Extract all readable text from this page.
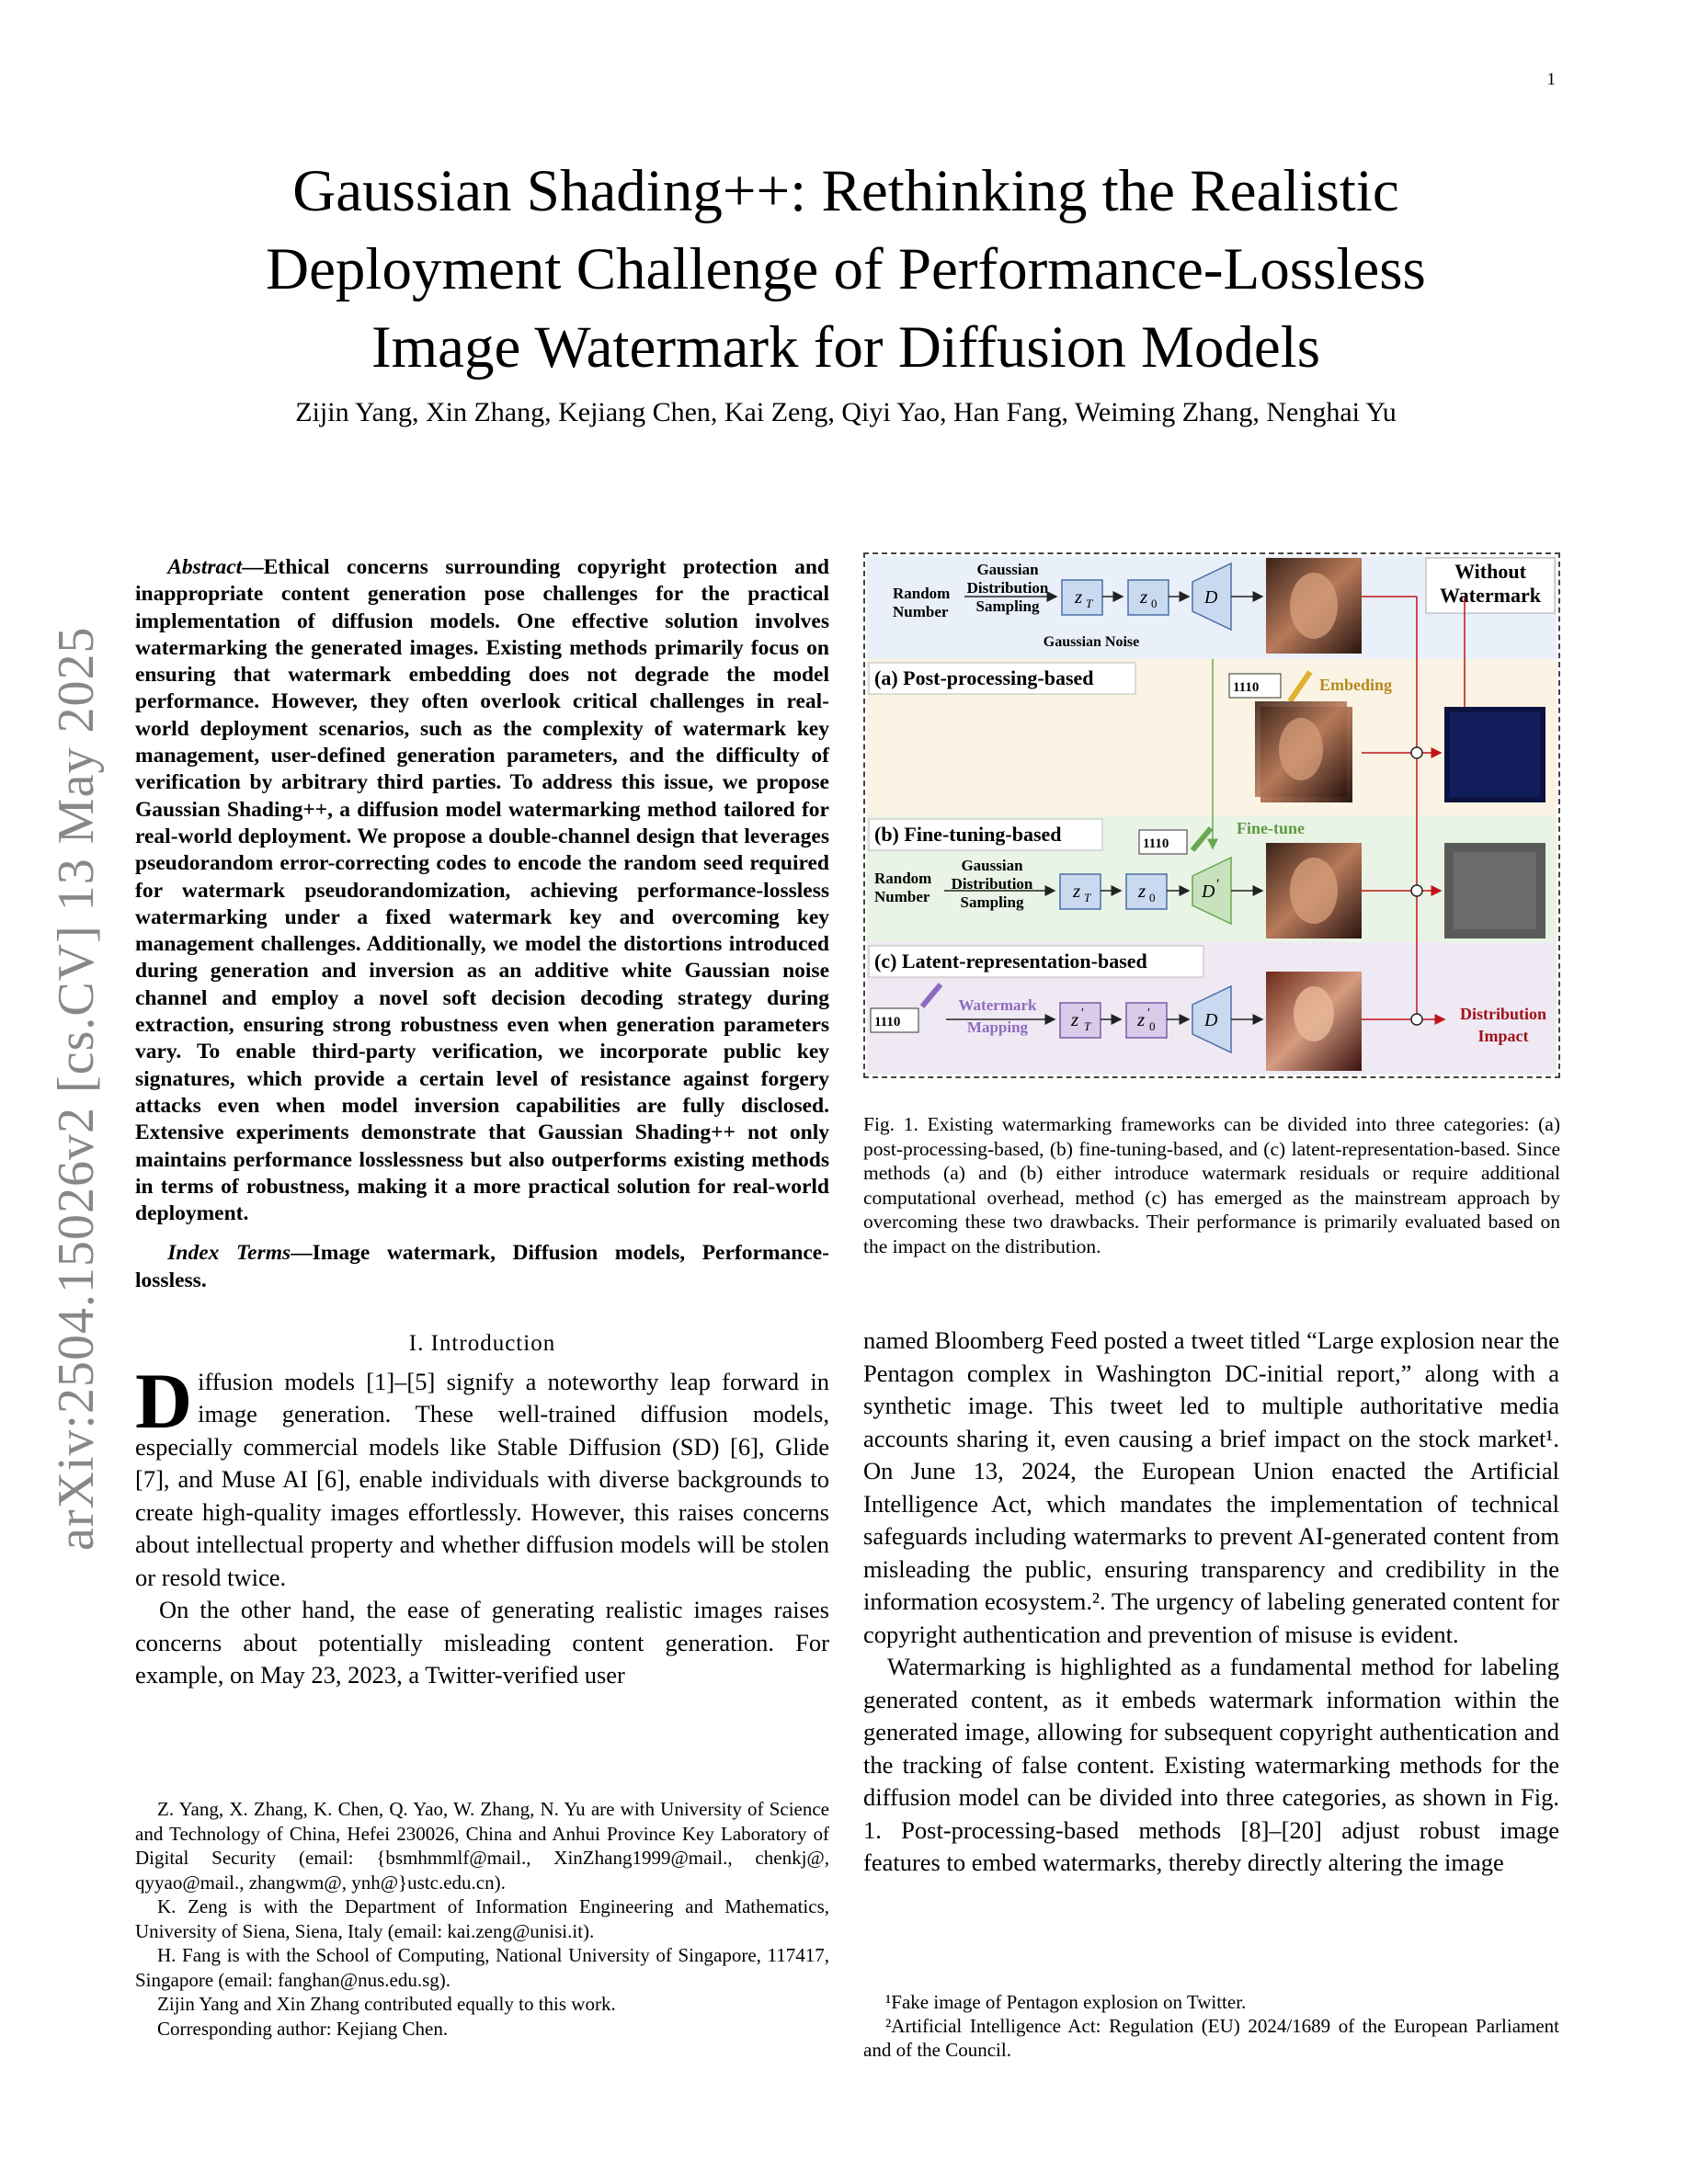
1
arXiv:2504.15026v2 [cs.CV] 13 May 2025
Gaussian Shading++: Rethinking the Realistic
Deployment Challenge of Performance-Lossless
Image Watermark for Diffusion Models
Zijin Yang, Xin Zhang, Kejiang Chen, Kai Zeng, Qiyi Yao, Han Fang, Weiming Zhang, Nenghai Yu
   Abstract—Ethical concerns surrounding copyright protection and inappropriate content generation pose challenges for the practical implementation of diffusion models. One effective solution involves watermarking the generated images. Existing methods primarily focus on ensuring that watermark embedding does not degrade the model performance. However, they often overlook critical challenges in real-world deployment scenarios, such as the complexity of watermark key management, user-defined generation parameters, and the difficulty of verification by arbitrary third parties. To address this issue, we propose Gaussian Shading++, a diffusion model watermarking method tailored for real-world deployment. We propose a double-channel design that leverages pseudorandom error-correcting codes to encode the random seed required for watermark pseudorandomization, achieving performance-lossless watermarking under a fixed watermark key and overcoming key management challenges. Additionally, we model the distortions introduced during generation and inversion as an additive white Gaussian noise channel and employ a novel soft decision decoding strategy during extraction, ensuring strong robustness even when generation parameters vary. To enable third-party verification, we incorporate public key signatures, which provide a certain level of resistance against forgery attacks even when model inversion capabilities are fully disclosed. Extensive experiments demonstrate that Gaussian Shading++ not only maintains performance losslessness but also outperforms existing methods in terms of robustness, making it a more practical solution for real-world deployment.
   Index Terms—Image watermark, Diffusion models, Performance-lossless.
I. Introduction

Diffusion models [1]–[5] signify a noteworthy leap forward in image generation. These well-trained diffusion models, especially commercial models like Stable Diffusion (SD) [6], Glide [7], and Muse AI [6], enable individuals with diverse backgrounds to create high-quality images effortlessly. However, this raises concerns about intellectual property and whether diffusion models will be stolen or resold twice.

On the other hand, the ease of generating realistic images raises concerns about potentially misleading content generation. For example, on May 23, 2023, a Twitter-verified user

Z. Yang, X. Zhang, K. Chen, Q. Yao, W. Zhang, N. Yu are with University of Science and Technology of China, Hefei 230026, China and Anhui Province Key Laboratory of Digital Security (email: {bsmhmmlf@mail., XinZhang1999@mail., chenkj@, qyyao@mail., zhangwm@, ynh@}ustc.edu.cn).

K. Zeng is with the Department of Information Engineering and Mathematics, University of Siena, Siena, Italy (email: kai.zeng@unisi.it).

H. Fang is with the School of Computing, National University of Singapore, 117417, Singapore (email: fanghan@nus.edu.sg).

Zijin Yang and Xin Zhang contributed equally to this work.

Corresponding author: Kejiang Chen.

Random
Number
Gaussian
Distribution
Sampling z T z 0	D
Gaussian Noise
Without
Watermark
(a) Post-processing-based	1110	Embeding
(b) Fine-tuning-based	1110
Fine-tune
Random
Number
Gaussian
Distribution
Sampling
z T z 0	D ′
(c) Latent-representation-based
1110
Watermark
Mapping z ′
T z ′
0	D	Distribution
Impact
Fig. 1. Existing watermarking frameworks can be divided into three categories: (a) post-processing-based, (b) fine-tuning-based, and (c) latent-representation-based. Since methods (a) and (b) either introduce watermark residuals or require additional computational overhead, method (c) has emerged as the mainstream approach by overcoming these two drawbacks. Their performance is primarily evaluated based on the impact on the distribution.

named Bloomberg Feed posted a tweet titled “Large explosion near the Pentagon complex in Washington DC-initial report,” along with a synthetic image. This tweet led to multiple authoritative media accounts sharing it, even causing a brief impact on the stock market¹. On June 13, 2024, the European Union enacted the Artificial Intelligence Act, which mandates the implementation of technical safeguards including watermarks to prevent AI-generated content from misleading the public, ensuring transparency and credibility in the information ecosystem.². The urgency of labeling generated content for copyright authentication and prevention of misuse is evident.

Watermarking is highlighted as a fundamental method for labeling generated content, as it embeds watermark information within the generated image, allowing for subsequent copyright authentication and the tracking of false content. Existing watermarking methods for the diffusion model can be divided into three categories, as shown in Fig. 1. Post-processing-based methods [8]–[20] adjust robust image features to embed watermarks, thereby directly altering the image

¹Fake image of Pentagon explosion on Twitter.
²Artificial Intelligence Act: Regulation (EU) 2024/1689 of the European Parliament and of the Council.
